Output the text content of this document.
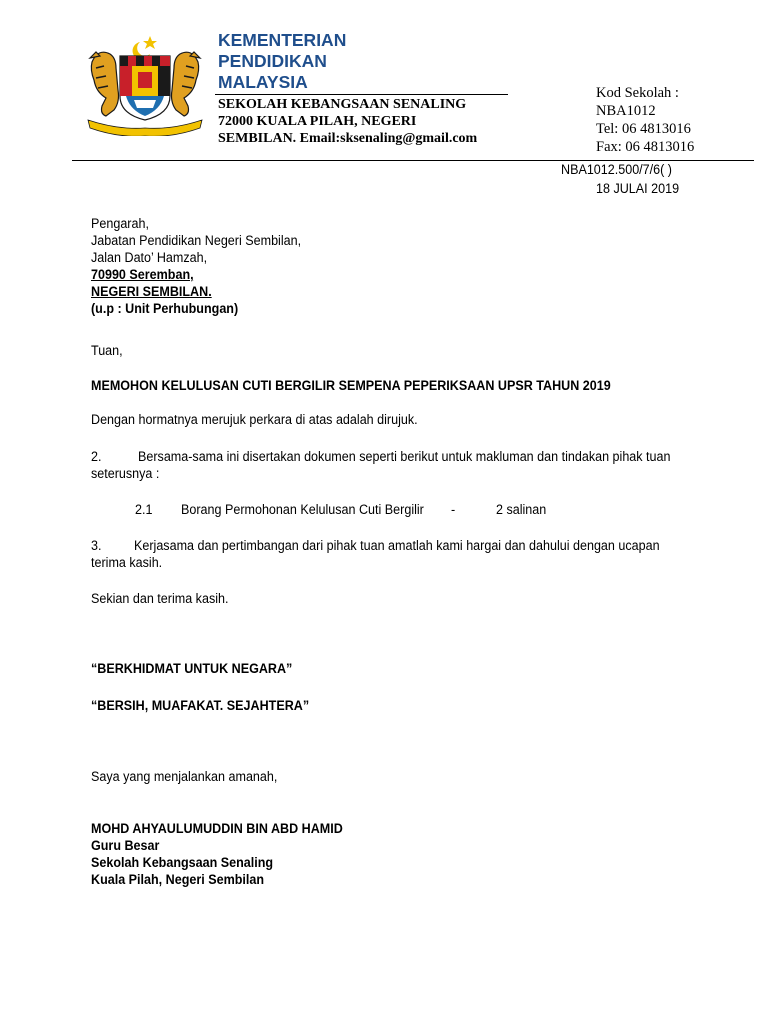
KEMENTERIAN
PENDIDIKAN
MALAYSIA
SEKOLAH KEBANGSAAN SENALING
72000 KUALA PILAH, NEGERI
SEMBILAN. Email:sksenaling@gmail.com
Kod Sekolah :
NBA1012
Tel: 06 4813016
Fax: 06 4813016
NBA1012.500/7/6( )
18 JULAI 2019
Pengarah,
Jabatan Pendidikan Negeri Sembilan,
Jalan Dato’ Hamzah,
70990 Seremban,
NEGERI SEMBILAN.
(u.p : Unit Perhubungan)
Tuan,
MEMOHON KELULUSAN CUTI BERGILIR SEMPENA PEPERIKSAAN UPSR TAHUN 2019
Dengan hormatnya merujuk perkara di atas adalah dirujuk.
2.	Bersama-sama ini disertakan dokumen seperti berikut untuk makluman dan tindakan pihak tuan
seterusnya :
2.1 Borang Permohonan Kelulusan Cuti Bergilir -	2 salinan
3. Kerjasama dan pertimbangan dari pihak tuan amatlah kami hargai dan dahului dengan ucapan
terima kasih.
Sekian dan terima kasih.
“BERKHIDMAT UNTUK NEGARA”
“BERSIH, MUAFAKAT. SEJAHTERA”
Saya yang menjalankan amanah,
MOHD AHYAULUMUDDIN BIN ABD HAMID
Guru Besar
Sekolah Kebangsaan Senaling
Kuala Pilah, Negeri Sembilan
